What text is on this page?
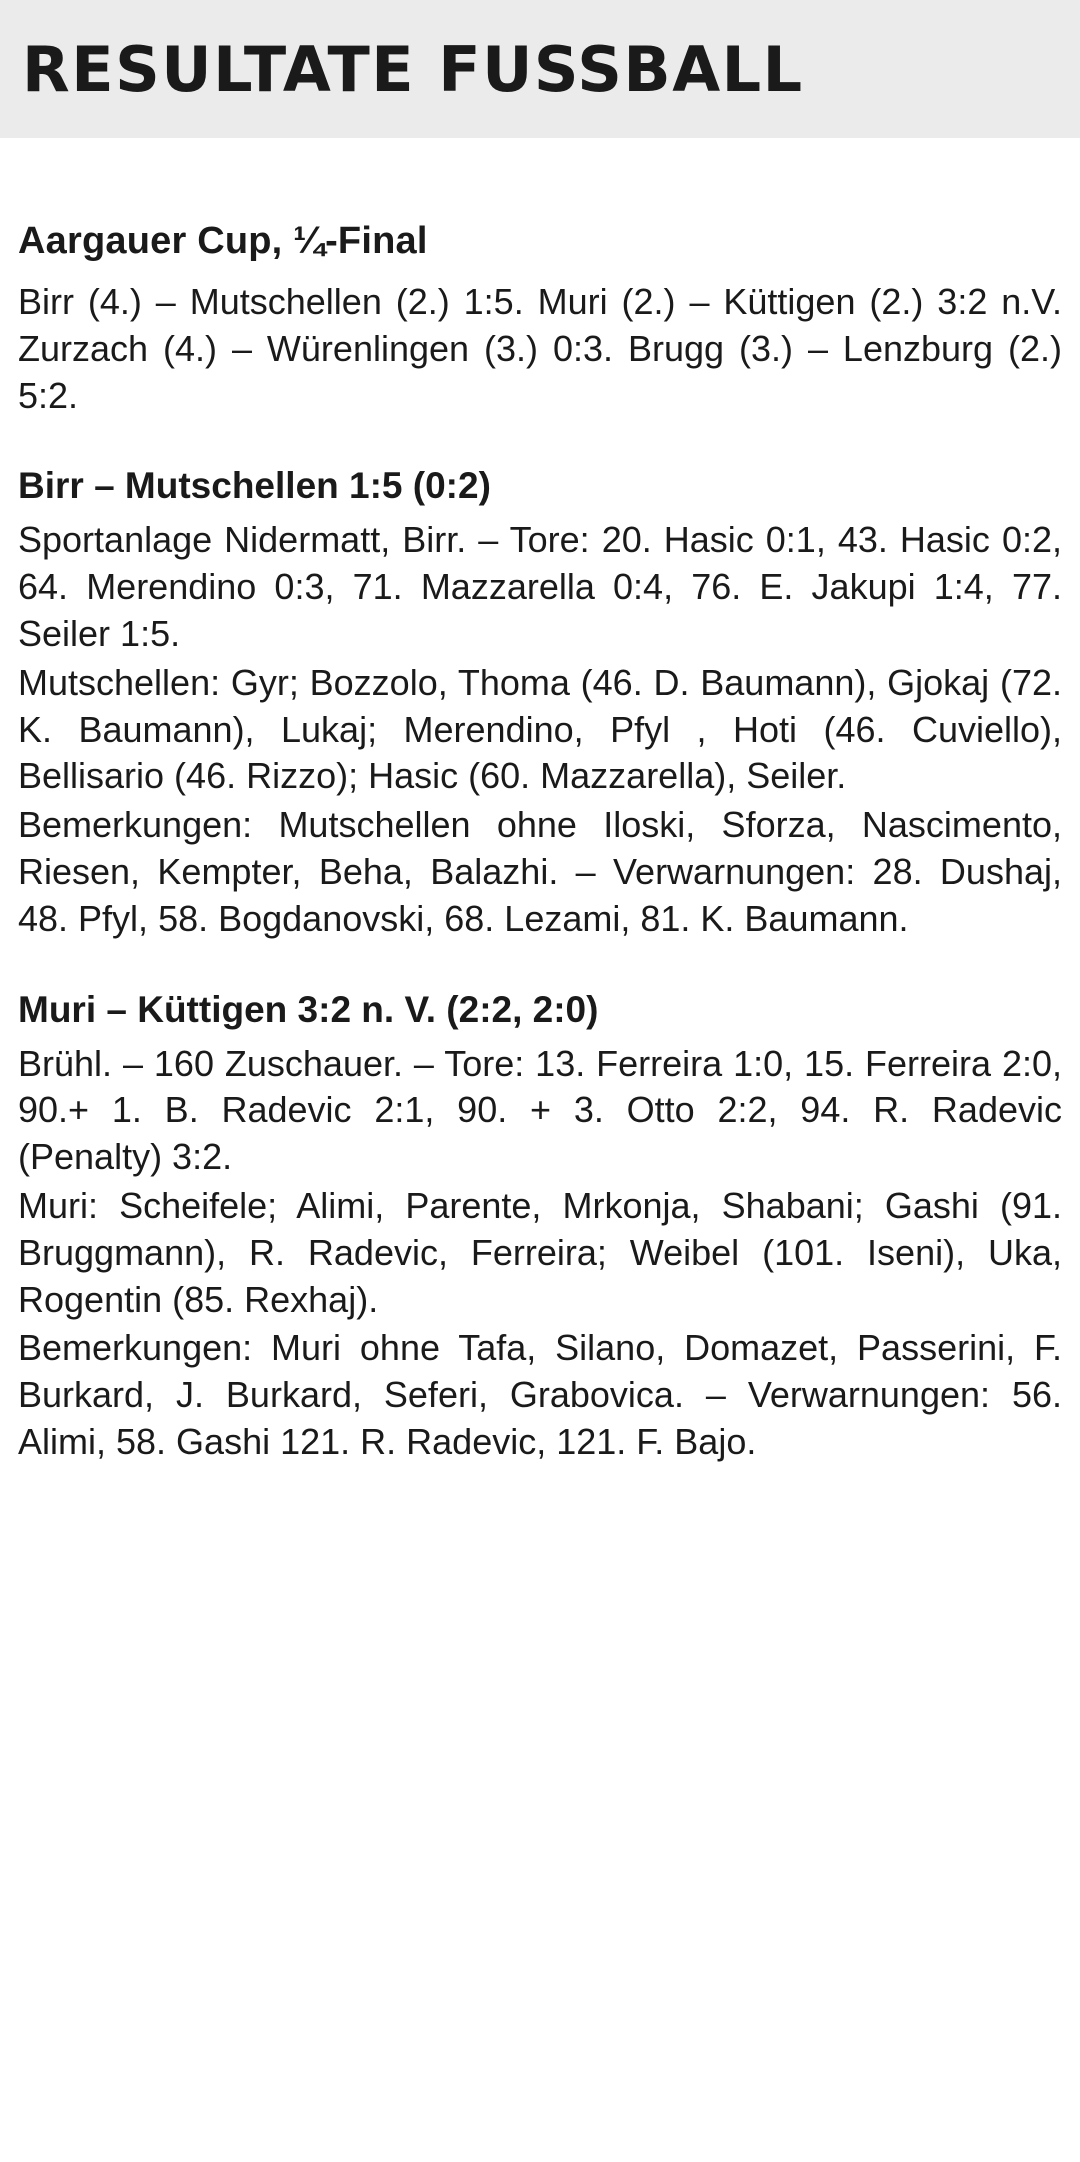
RESULTATE FUSSBALL
Aargauer Cup, ¼-Final

Birr (4.) – Mutschellen (2.) 1:5. Muri (2.) – Küttigen (2.) 3:2 n.V. Zurzach (4.) – Würenlingen (3.) 0:3. Brugg (3.) – Lenzburg (2.) 5:2.

Birr – Mutschellen 1:5 (0:2)

Sportanlage Nidermatt, Birr. – Tore: 20. Hasic 0:1, 43. Hasic 0:2, 64. Merendino 0:3, 71. Mazzarella 0:4, 76. E. Jakupi 1:4, 77. Seiler 1:5.

Mutschellen: Gyr; Bozzolo, Thoma (46. D. Baumann), Gjokaj (72. K. Baumann), Lukaj; Merendino, Pfyl , Hoti (46. Cuviello), Bellisario (46. Rizzo); Hasic (60. Mazzarella), Seiler.

Bemerkungen: Mutschellen ohne Iloski, Sforza, Nascimento, Riesen, Kempter, Beha, Balazhi. – Verwarnungen: 28. Dushaj, 48. Pfyl, 58. Bogdanovski, 68. Lezami, 81. K. Baumann.

Muri – Küttigen 3:2 n. V. (2:2, 2:0)

Brühl. – 160 Zuschauer. – Tore: 13. Ferreira 1:0, 15. Ferreira 2:0, 90.+ 1. B. Radevic 2:1, 90. + 3. Otto 2:2, 94. R. Radevic (Penalty) 3:2.

Muri: Scheifele; Alimi, Parente, Mrkonja, Shabani; Gashi (91. Bruggmann), R. Radevic, Ferreira; Weibel (101. Iseni), Uka, Rogentin (85. Rexhaj).

Bemerkungen: Muri ohne Tafa, Silano, Domazet, Passerini, F. Burkard, J. Burkard, Seferi, Grabovica. – Verwarnungen: 56. Alimi, 58. Gashi 121. R. Radevic, 121. F. Bajo.
